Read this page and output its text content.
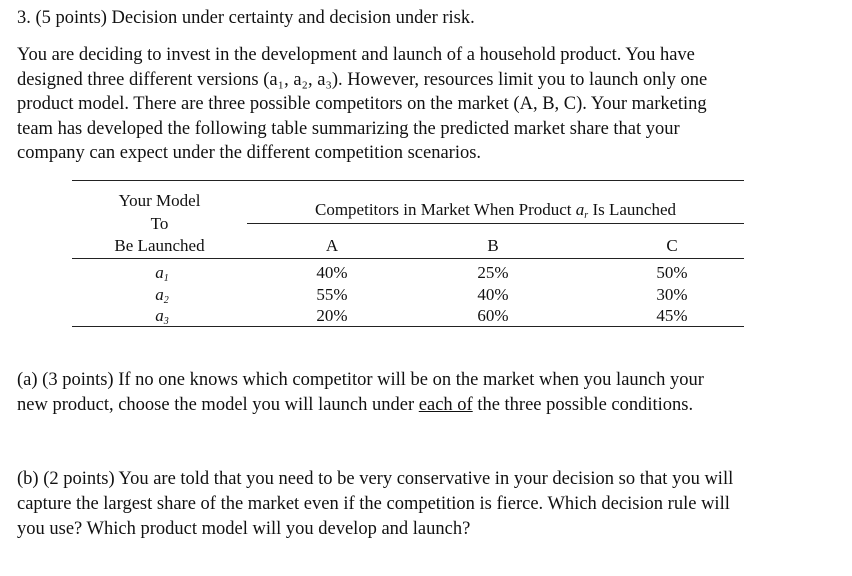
3. (5 points) Decision under certainty and decision under risk.
You are deciding to invest in the development and launch of a household product. You have
designed three different versions (a₁, a₂, a₃). However, resources limit you to launch only one
product model. There are three possible competitors on the market (A, B, C). Your marketing
team has developed the following table summarizing the predicted market share that your
company can expect under the different competition scenarios.
Your Model
To
Be Launched
Competitors in Market When Product $a_r$ Is Launched
A	B	C
$a_1$	40%	25%	50%
$a_2$	55%	40%	30%
$a_3$	20%	60%	45%
(a) (3 points) If no one knows which competitor will be on the market when you launch your
new product, choose the model you will launch under each of the three possible conditions.
(b) (2 points) You are told that you need to be very conservative in your decision so that you will
capture the largest share of the market even if the competition is fierce. Which decision rule will
you use? Which product model will you develop and launch?
